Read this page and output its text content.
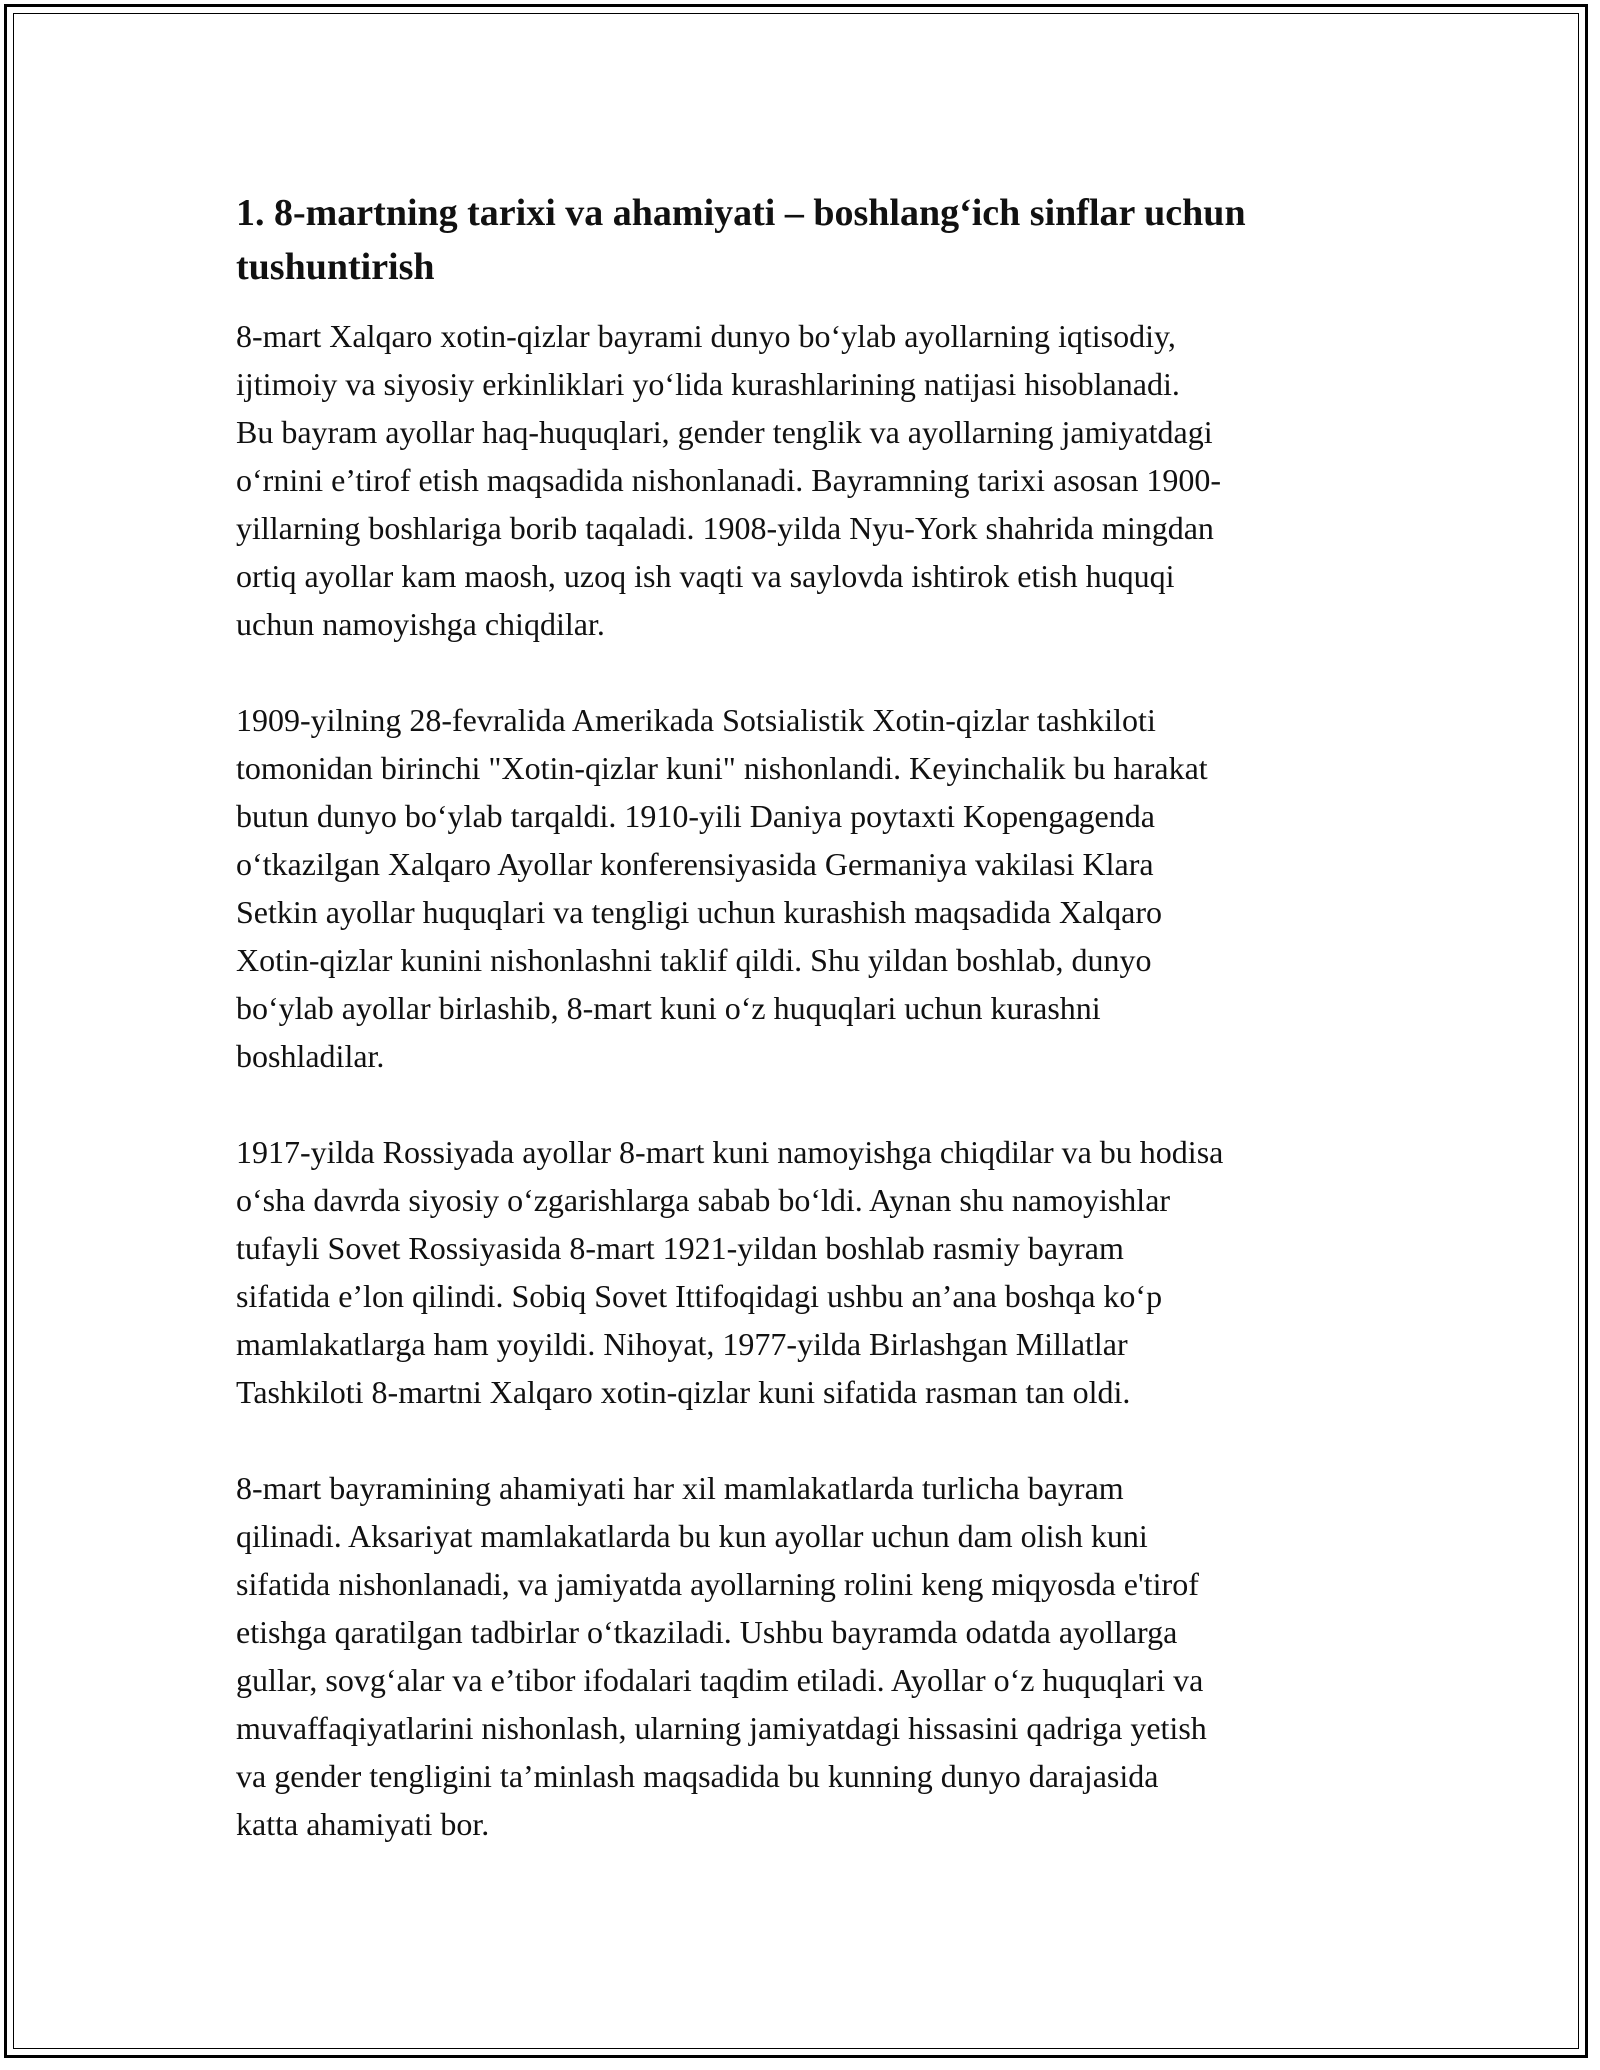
1. 8-martning tarixi va ahamiyati – boshlang‘ich sinflar uchun
tushuntirish

8-mart Xalqaro xotin-qizlar bayrami dunyo bo‘ylab ayollarning iqtisodiy,
ijtimoiy va siyosiy erkinliklari yo‘lida kurashlarining natijasi hisoblanadi.
Bu bayram ayollar haq-huquqlari, gender tenglik va ayollarning jamiyatdagi
o‘rnini e’tirof etish maqsadida nishonlanadi. Bayramning tarixi asosan 1900-
yillarning boshlariga borib taqaladi. 1908-yilda Nyu-York shahrida mingdan
ortiq ayollar kam maosh, uzoq ish vaqti va saylovda ishtirok etish huquqi
uchun namoyishga chiqdilar.

1909-yilning 28-fevralida Amerikada Sotsialistik Xotin-qizlar tashkiloti
tomonidan birinchi "Xotin-qizlar kuni" nishonlandi. Keyinchalik bu harakat
butun dunyo bo‘ylab tarqaldi. 1910-yili Daniya poytaxti Kopengagenda
o‘tkazilgan Xalqaro Ayollar konferensiyasida Germaniya vakilasi Klara
Setkin ayollar huquqlari va tengligi uchun kurashish maqsadida Xalqaro
Xotin-qizlar kunini nishonlashni taklif qildi. Shu yildan boshlab, dunyo
bo‘ylab ayollar birlashib, 8-mart kuni o‘z huquqlari uchun kurashni
boshladilar.

1917-yilda Rossiyada ayollar 8-mart kuni namoyishga chiqdilar va bu hodisa
o‘sha davrda siyosiy o‘zgarishlarga sabab bo‘ldi. Aynan shu namoyishlar
tufayli Sovet Rossiyasida 8-mart 1921-yildan boshlab rasmiy bayram
sifatida e’lon qilindi. Sobiq Sovet Ittifoqidagi ushbu an’ana boshqa ko‘p
mamlakatlarga ham yoyildi. Nihoyat, 1977-yilda Birlashgan Millatlar
Tashkiloti 8-martni Xalqaro xotin-qizlar kuni sifatida rasman tan oldi.

8-mart bayramining ahamiyati har xil mamlakatlarda turlicha bayram
qilinadi. Aksariyat mamlakatlarda bu kun ayollar uchun dam olish kuni
sifatida nishonlanadi, va jamiyatda ayollarning rolini keng miqyosda e'tirof
etishga qaratilgan tadbirlar o‘tkaziladi. Ushbu bayramda odatda ayollarga
gullar, sovg‘alar va e’tibor ifodalari taqdim etiladi. Ayollar o‘z huquqlari va
muvaffaqiyatlarini nishonlash, ularning jamiyatdagi hissasini qadriga yetish
va gender tengligini ta’minlash maqsadida bu kunning dunyo darajasida
katta ahamiyati bor.
